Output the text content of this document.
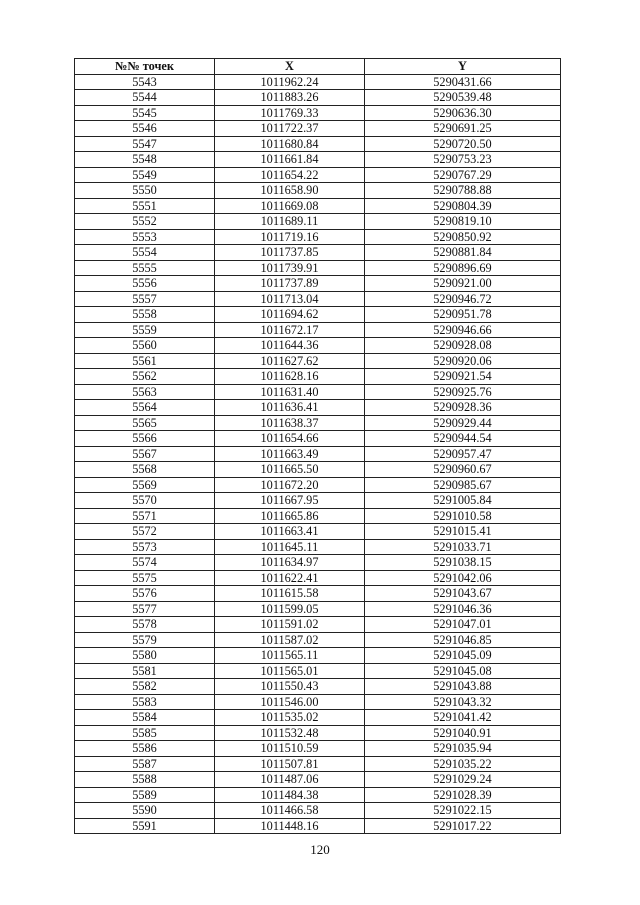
№№ точек	X	Y
5543	1011962.24	5290431.66
5544	1011883.26	5290539.48
5545	1011769.33	5290636.30
5546	1011722.37	5290691.25
5547	1011680.84	5290720.50
5548	1011661.84	5290753.23
5549	1011654.22	5290767.29
5550	1011658.90	5290788.88
5551	1011669.08	5290804.39
5552	1011689.11	5290819.10
5553	1011719.16	5290850.92
5554	1011737.85	5290881.84
5555	1011739.91	5290896.69
5556	1011737.89	5290921.00
5557	1011713.04	5290946.72
5558	1011694.62	5290951.78
5559	1011672.17	5290946.66
5560	1011644.36	5290928.08
5561	1011627.62	5290920.06
5562	1011628.16	5290921.54
5563	1011631.40	5290925.76
5564	1011636.41	5290928.36
5565	1011638.37	5290929.44
5566	1011654.66	5290944.54
5567	1011663.49	5290957.47
5568	1011665.50	5290960.67
5569	1011672.20	5290985.67
5570	1011667.95	5291005.84
5571	1011665.86	5291010.58
5572	1011663.41	5291015.41
5573	1011645.11	5291033.71
5574	1011634.97	5291038.15
5575	1011622.41	5291042.06
5576	1011615.58	5291043.67
5577	1011599.05	5291046.36
5578	1011591.02	5291047.01
5579	1011587.02	5291046.85
5580	1011565.11	5291045.09
5581	1011565.01	5291045.08
5582	1011550.43	5291043.88
5583	1011546.00	5291043.32
5584	1011535.02	5291041.42
5585	1011532.48	5291040.91
5586	1011510.59	5291035.94
5587	1011507.81	5291035.22
5588	1011487.06	5291029.24
5589	1011484.38	5291028.39
5590	1011466.58	5291022.15
5591	1011448.16	5291017.22
120
